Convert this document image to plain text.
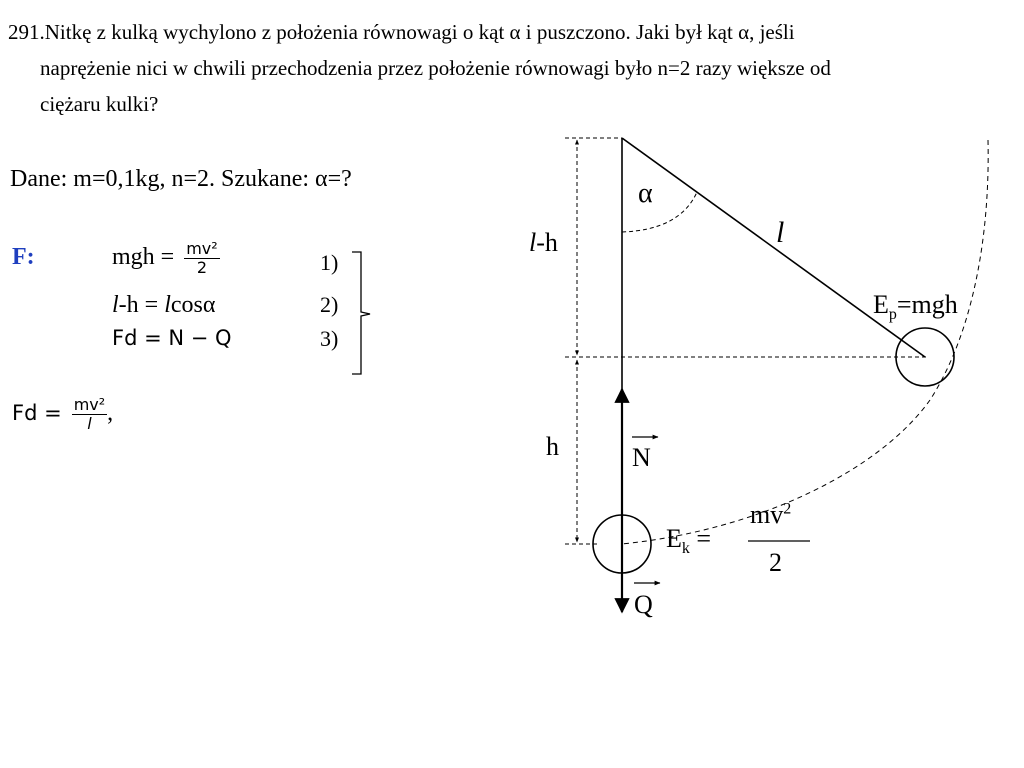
291.Nitkę z kulką wychylono z położenia równowagi o kąt α i puszczono. Jaki był kąt α, jeśli

naprężenie nici w chwili przechodzenia przez położenie równowagi było n=2 razy większe od

ciężaru kulki?

Dane: m=0,1kg, n=2. Szukane: α=?
F:	mgh = $\frac{\text{mv²}}{2}$	1)
l-h = lcosα	2)
Fd = N − Q	3)
$Fd = \frac{\text{mv²}}{l}$ ,
α
l
l-h
h
$E_p=mgh$
N
Q
$E_k$ =
$mv^2$
2
